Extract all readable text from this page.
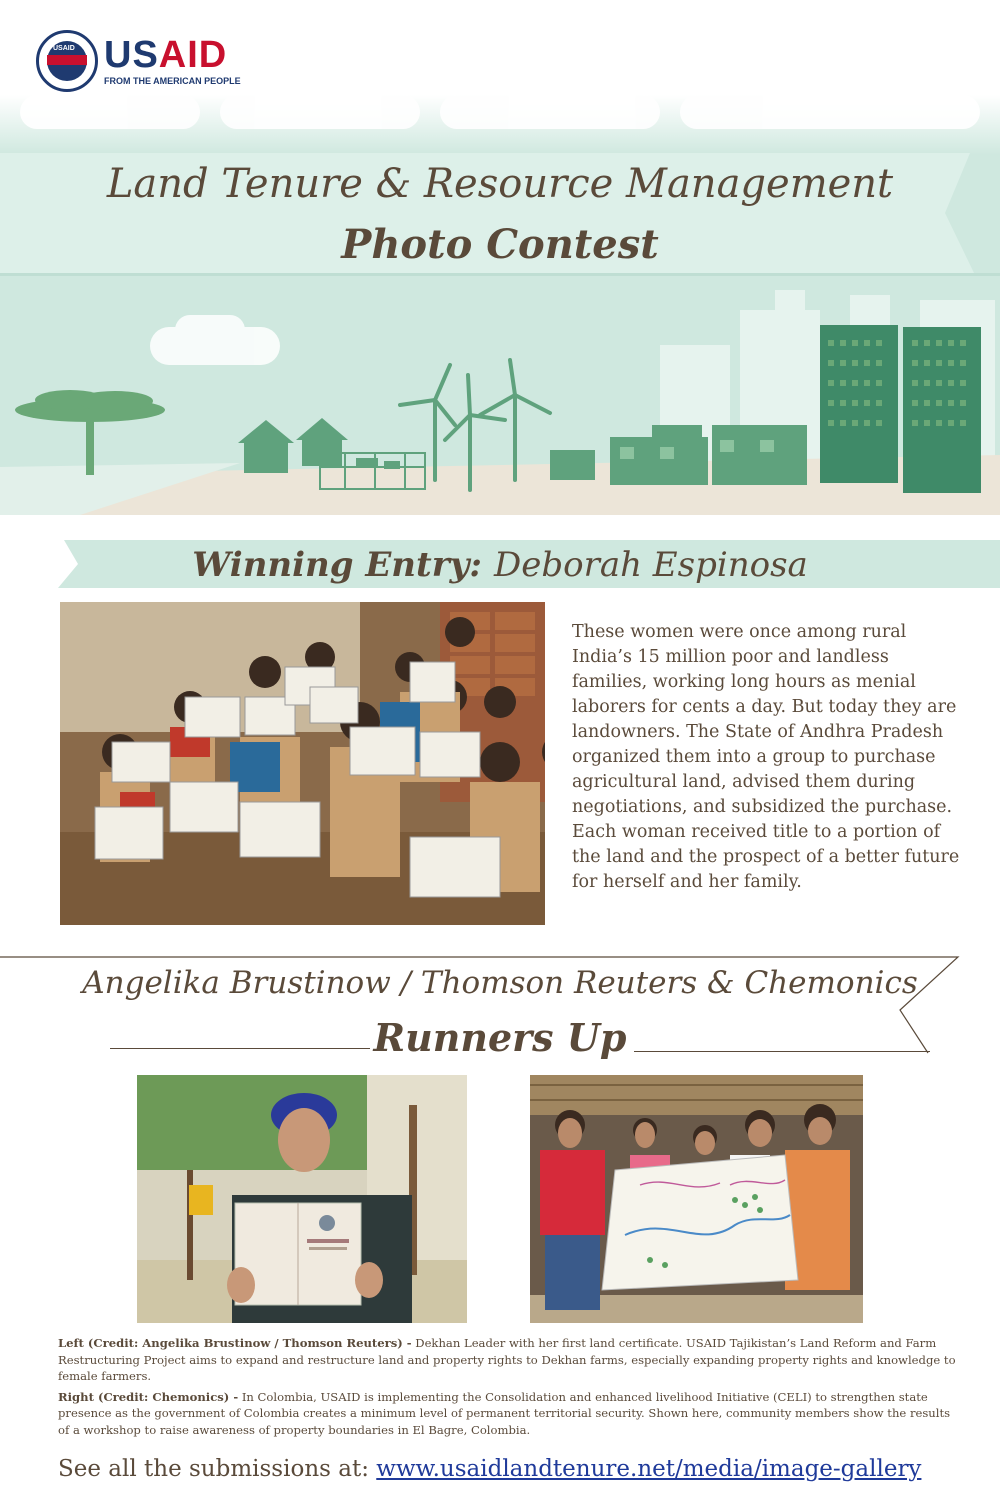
USAID USAID
FROM THE AMERICAN PEOPLE
Land Tenure & Resource Management
Photo Contest
Winning Entry: Deborah Espinosa
These women were once among rural India’s 15 million poor and landless families, working long hours as menial laborers for cents a day. But today they are landowners. The State of Andhra Pradesh organized them into a group to purchase agricultural land, advised them during negotiations, and subsidized the purchase. Each woman received title to a portion of the land and the prospect of a better future for herself and her family.
Angelika Brustinow / Thomson Reuters & Chemonics
Runners Up

Left (Credit: Angelika Brustinow / Thomson Reuters) - Dekhan Leader with her first land certificate. USAID Tajikistan’s Land Reform and Farm Restructuring Project aims to expand and restructure land and property rights to Dekhan farms, especially expanding property rights and knowledge to female farmers.

Right (Credit: Chemonics) - In Colombia, USAID is implementing the Consolidation and enhanced livelihood Initiative (CELI) to strengthen state presence as the government of Colombia creates a minimum level of permanent territorial security. Shown here, community members show the results of a workshop to raise awareness of property boundaries in El Bagre, Colombia.

See all the submissions at: www.usaidlandtenure.net/media/image-gallery
